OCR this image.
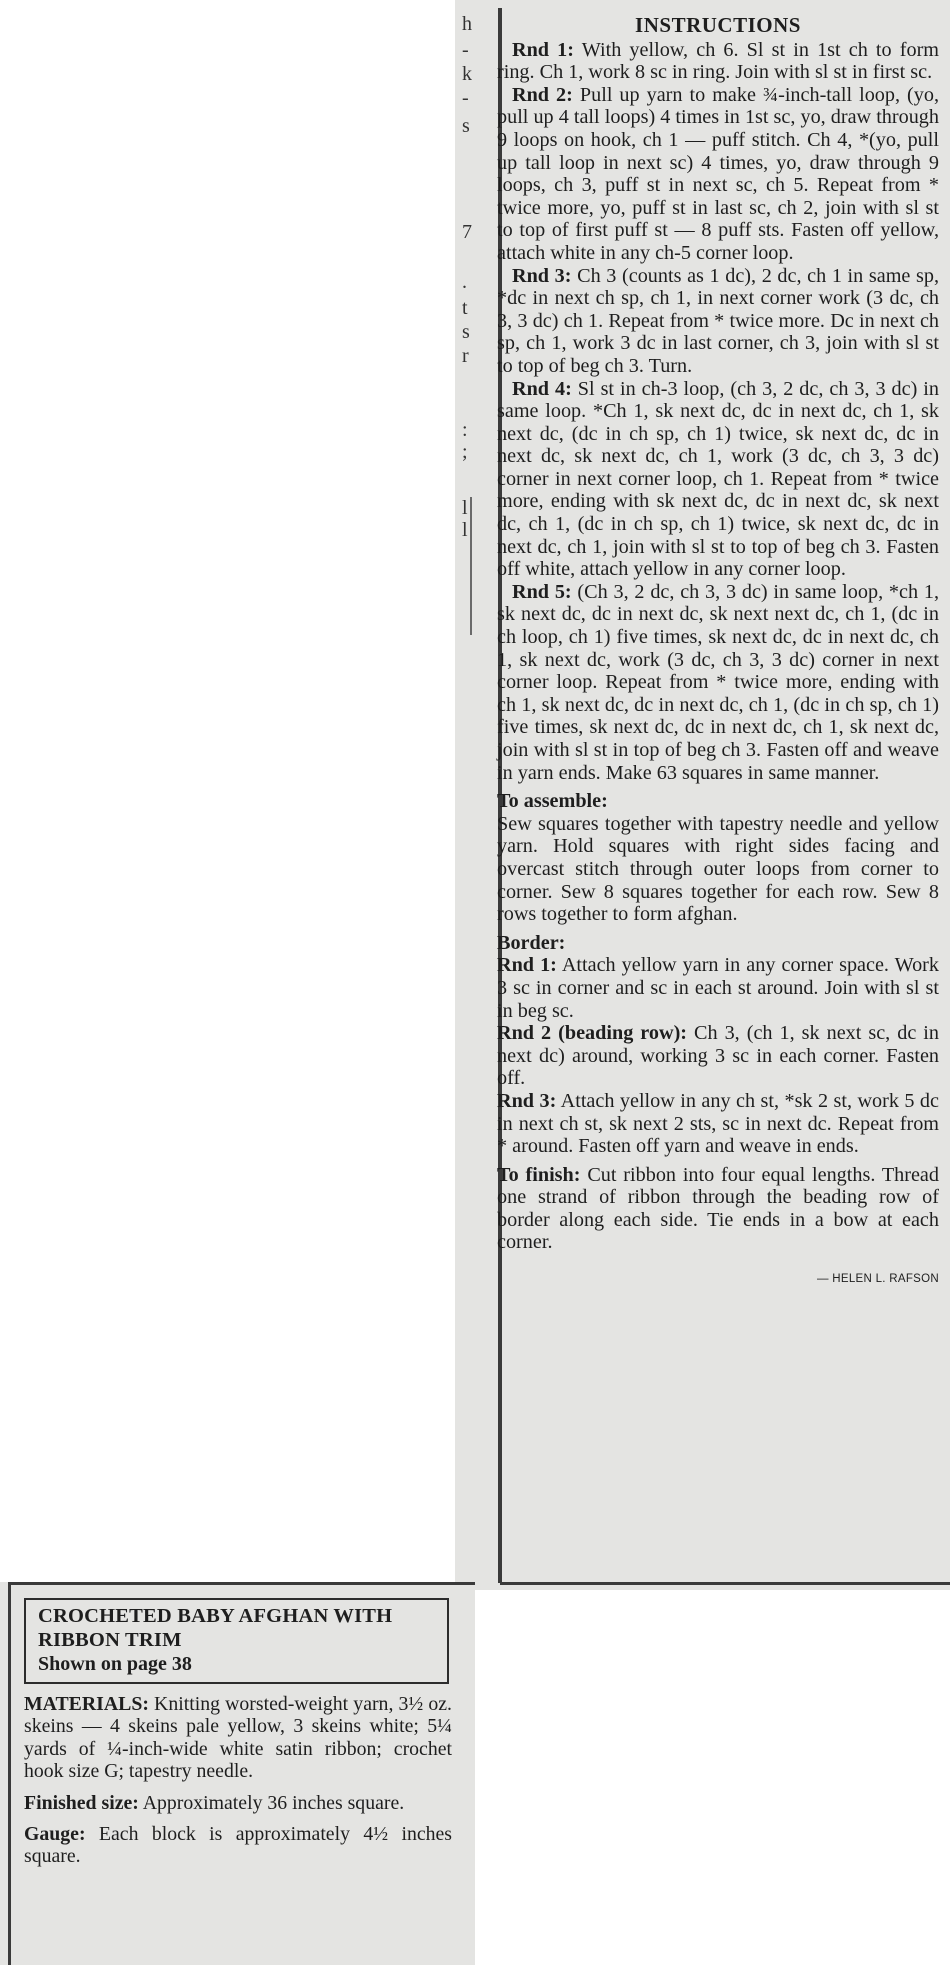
h
-
k
-
s
7
.
t
s
r
:
;
l
l
INSTRUCTIONS

Rnd 1: With yellow, ch 6. Sl st in 1st ch to form ring. Ch 1, work 8 sc in ring. Join with sl st in first sc.

Rnd 2: Pull up yarn to make ¾-inch-tall loop, (yo, pull up 4 tall loops) 4 times in 1st sc, yo, draw through 9 loops on hook, ch 1 — puff stitch. Ch 4, *(yo, pull up tall loop in next sc) 4 times, yo, draw through 9 loops, ch 3, puff st in next sc, ch 5. Repeat from * twice more, yo, puff st in last sc, ch 2, join with sl st to top of first puff st — 8 puff sts. Fasten off yellow, attach white in any ch-5 corner loop.

Rnd 3: Ch 3 (counts as 1 dc), 2 dc, ch 1 in same sp, *dc in next ch sp, ch 1, in next corner work (3 dc, ch 3, 3 dc) ch 1. Repeat from * twice more. Dc in next ch sp, ch 1, work 3 dc in last corner, ch 3, join with sl st to top of beg ch 3. Turn.

Rnd 4: Sl st in ch-3 loop, (ch 3, 2 dc, ch 3, 3 dc) in same loop. *Ch 1, sk next dc, dc in next dc, ch 1, sk next dc, (dc in ch sp, ch 1) twice, sk next dc, dc in next dc, sk next dc, ch 1, work (3 dc, ch 3, 3 dc) corner in next corner loop, ch 1. Repeat from * twice more, ending with sk next dc, dc in next dc, sk next dc, ch 1, (dc in ch sp, ch 1) twice, sk next dc, dc in next dc, ch 1, join with sl st to top of beg ch 3. Fasten off white, attach yellow in any corner loop.

Rnd 5: (Ch 3, 2 dc, ch 3, 3 dc) in same loop, *ch 1, sk next dc, dc in next dc, sk next next dc, ch 1, (dc in ch loop, ch 1) five times, sk next dc, dc in next dc, ch 1, sk next dc, work (3 dc, ch 3, 3 dc) corner in next corner loop. Repeat from * twice more, ending with ch 1, sk next dc, dc in next dc, ch 1, (dc in ch sp, ch 1) five times, sk next dc, dc in next dc, ch 1, sk next dc, join with sl st in top of beg ch 3. Fasten off and weave in yarn ends. Make 63 squares in same manner.

To assemble:

Sew squares together with tapestry needle and yellow yarn. Hold squares with right sides facing and overcast stitch through outer loops from corner to corner. Sew 8 squares together for each row. Sew 8 rows together to form afghan.

Border:

Rnd 1: Attach yellow yarn in any corner space. Work 3 sc in corner and sc in each st around. Join with sl st in beg sc.

Rnd 2 (beading row): Ch 3, (ch 1, sk next sc, dc in next dc) around, working 3 sc in each corner. Fasten off.

Rnd 3: Attach yellow in any ch st, *sk 2 st, work 5 dc in next ch st, sk next 2 sts, sc in next dc. Repeat from * around. Fasten off yarn and weave in ends.

To finish: Cut ribbon into four equal lengths. Thread one strand of ribbon through the beading row of border along each side. Tie ends in a bow at each corner.

— HELEN L. RAFSON

CROCHETED BABY AFGHAN WITH RIBBON TRIM

Shown on page 38

MATERIALS: Knitting worsted-weight yarn, 3½ oz. skeins — 4 skeins pale yellow, 3 skeins white; 5¼ yards of ¼-inch-wide white satin ribbon; crochet hook size G; tapestry needle.

Finished size: Approximately 36 inches square.

Gauge: Each block is approximately 4½ inches square.
